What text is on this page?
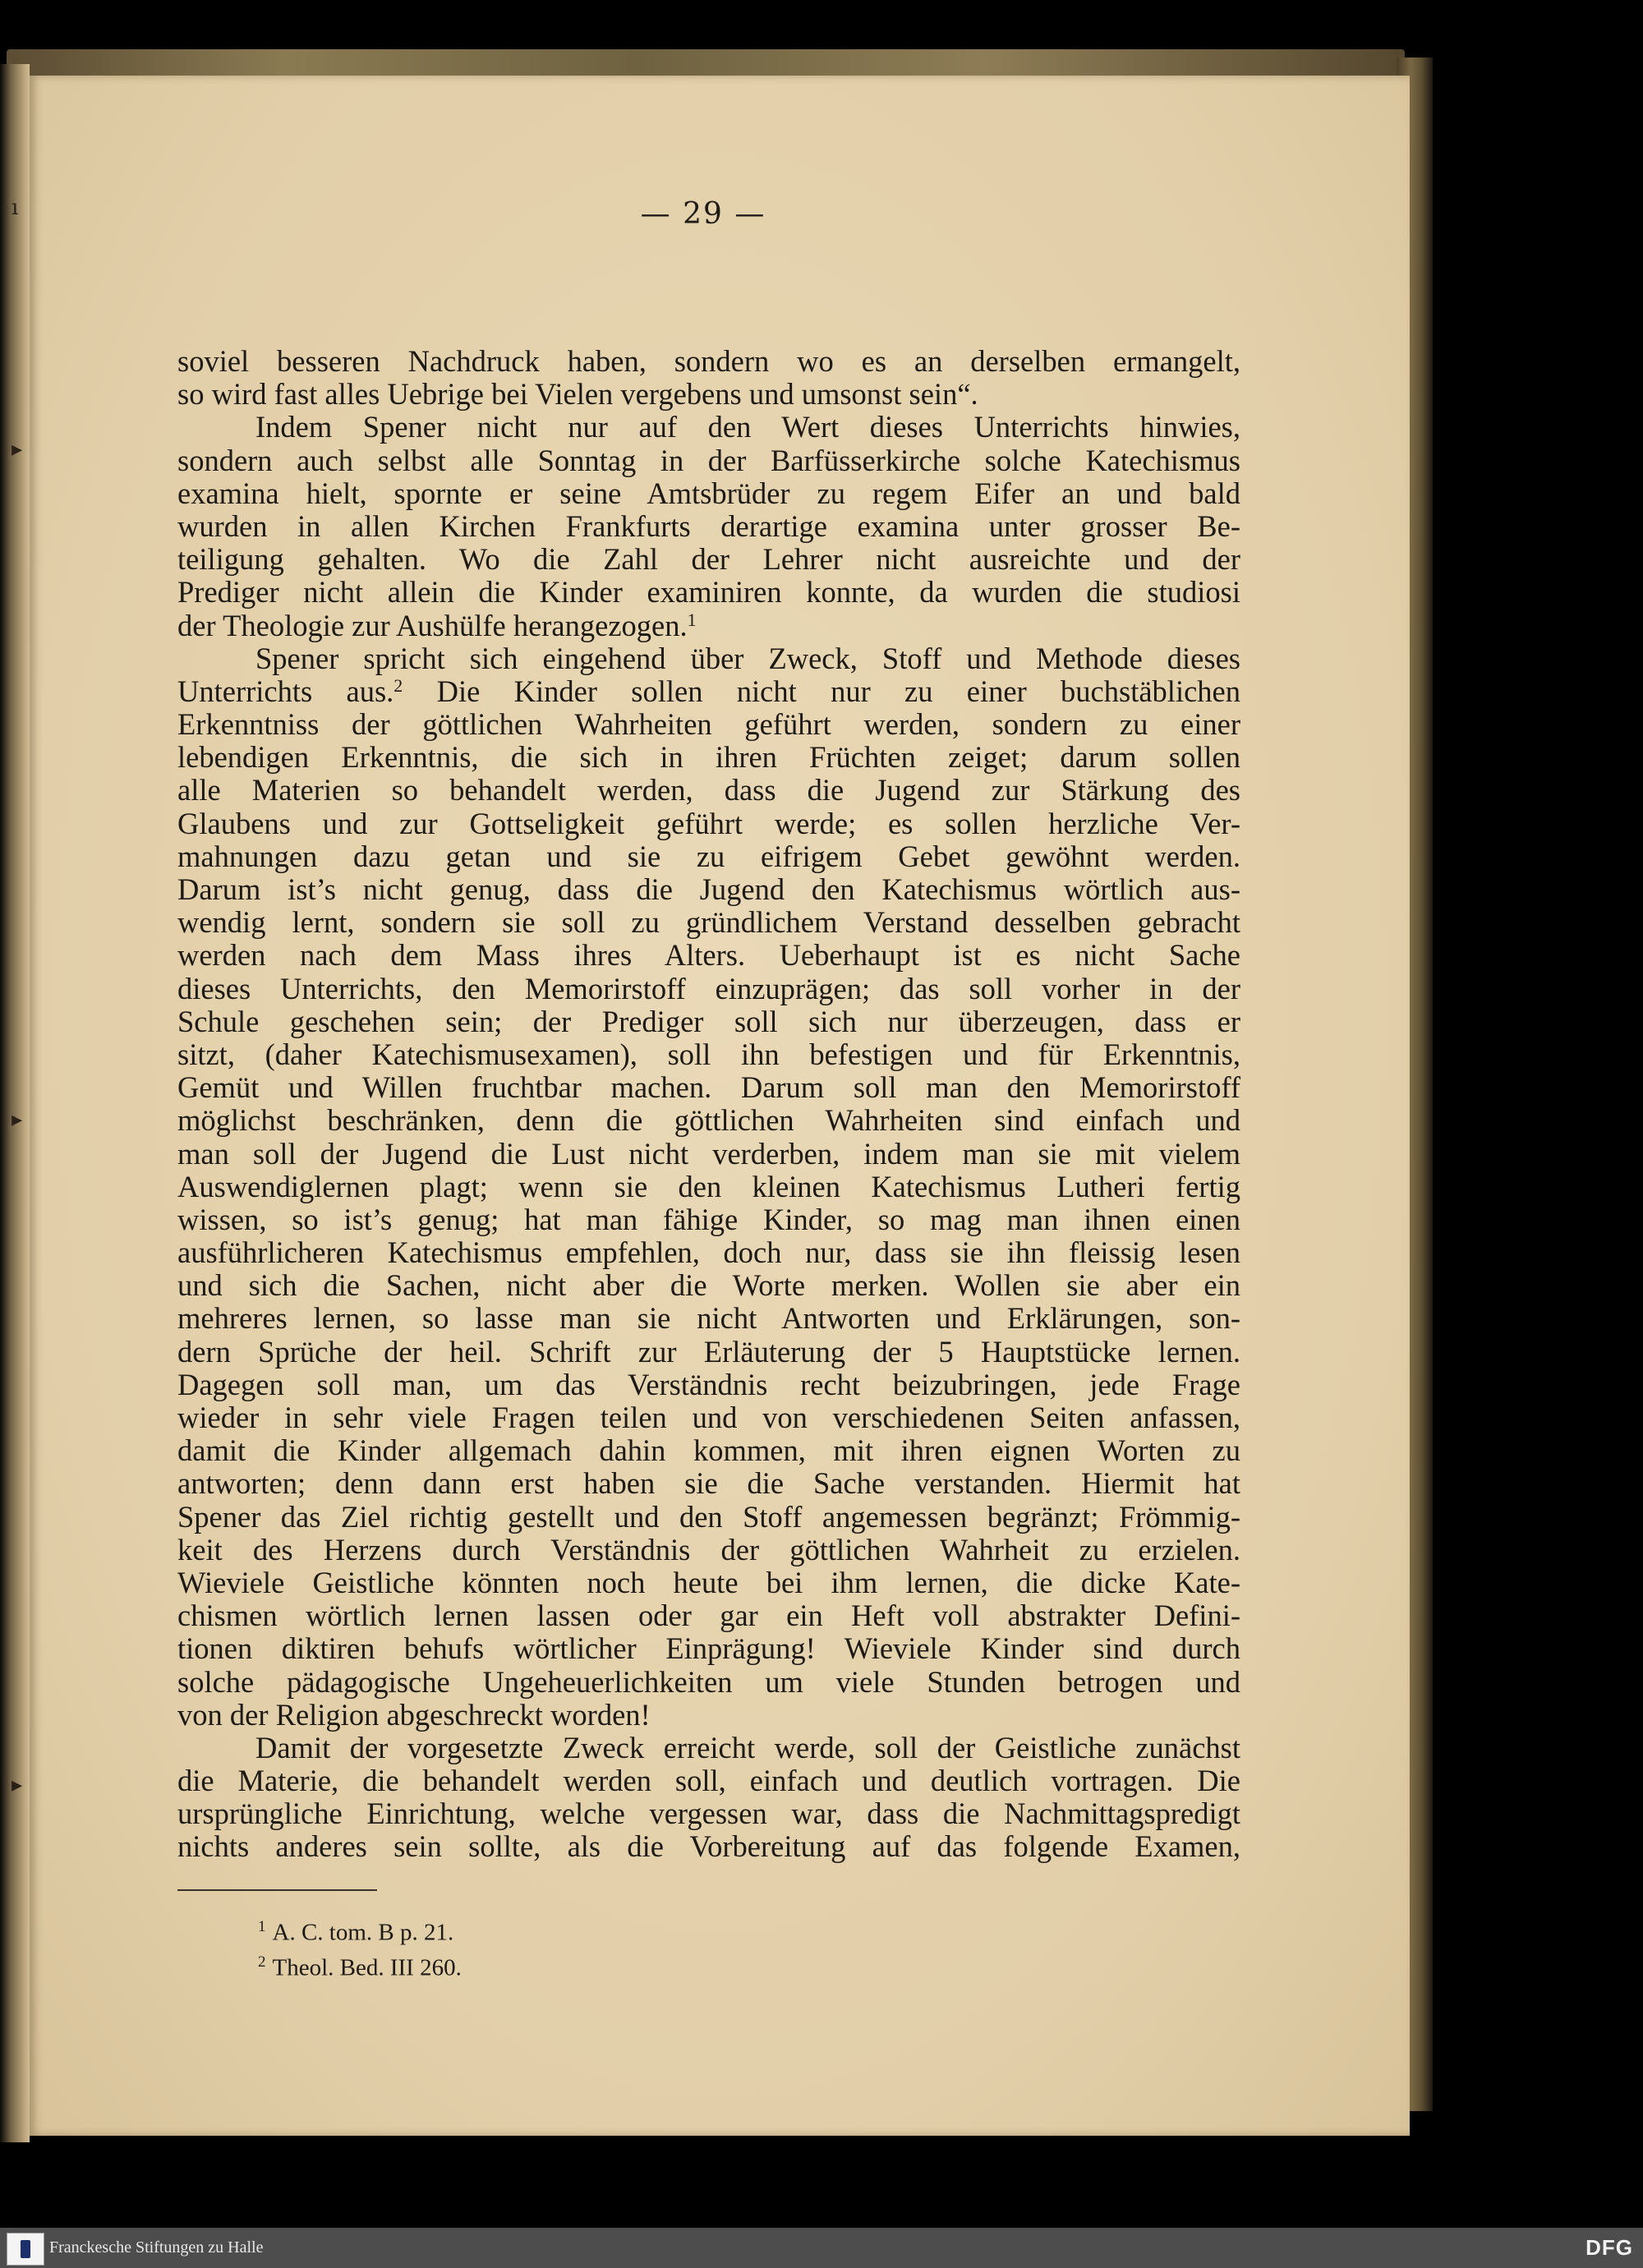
— 29 —
soviel besseren Nachdruck haben, sondern wo es an derselben ermangelt,
so wird fast alles Uebrige bei Vielen vergebens und umsonst sein“.
Indem Spener nicht nur auf den Wert dieses Unterrichts hinwies,
sondern auch selbst alle Sonntag in der Barfüsserkirche solche Katechismus
examina hielt, spornte er seine Amtsbrüder zu regem Eifer an und bald
wurden in allen Kirchen Frankfurts derartige examina unter grosser Be-
teiligung gehalten. Wo die Zahl der Lehrer nicht ausreichte und der
Prediger nicht allein die Kinder examiniren konnte, da wurden die studiosi
der Theologie zur Aushülfe herangezogen.$^1$
Spener spricht sich eingehend über Zweck, Stoff und Methode dieses
Unterrichts aus.$^2$ Die Kinder sollen nicht nur zu einer buchstäblichen
Erkenntniss der göttlichen Wahrheiten geführt werden, sondern zu einer
lebendigen Erkenntnis, die sich in ihren Früchten zeiget; darum sollen
alle Materien so behandelt werden, dass die Jugend zur Stärkung des
Glaubens und zur Gottseligkeit geführt werde; es sollen herzliche Ver-
mahnungen dazu getan und sie zu eifrigem Gebet gewöhnt werden.
Darum ist’s nicht genug, dass die Jugend den Katechismus wörtlich aus-
wendig lernt, sondern sie soll zu gründlichem Verstand desselben gebracht
werden nach dem Mass ihres Alters. Ueberhaupt ist es nicht Sache
dieses Unterrichts, den Memorirstoff einzuprägen; das soll vorher in der
Schule geschehen sein; der Prediger soll sich nur überzeugen, dass er
sitzt, (daher Katechismusexamen), soll ihn befestigen und für Erkenntnis,
Gemüt und Willen fruchtbar machen. Darum soll man den Memorirstoff
möglichst beschränken, denn die göttlichen Wahrheiten sind einfach und
man soll der Jugend die Lust nicht verderben, indem man sie mit vielem
Auswendiglernen plagt; wenn sie den kleinen Katechismus Lutheri fertig
wissen, so ist’s genug; hat man fähige Kinder, so mag man ihnen einen
ausführlicheren Katechismus empfehlen, doch nur, dass sie ihn fleissig lesen
und sich die Sachen, nicht aber die Worte merken. Wollen sie aber ein
mehreres lernen, so lasse man sie nicht Antworten und Erklärungen, son-
dern Sprüche der heil. Schrift zur Erläuterung der 5 Hauptstücke lernen.
Dagegen soll man, um das Verständnis recht beizubringen, jede Frage
wieder in sehr viele Fragen teilen und von verschiedenen Seiten anfassen,
damit die Kinder allgemach dahin kommen, mit ihren eignen Worten zu
antworten; denn dann erst haben sie die Sache verstanden. Hiermit hat
Spener das Ziel richtig gestellt und den Stoff angemessen begränzt; Frömmig-
keit des Herzens durch Verständnis der göttlichen Wahrheit zu erzielen.
Wieviele Geistliche könnten noch heute bei ihm lernen, die dicke Kate-
chismen wörtlich lernen lassen oder gar ein Heft voll abstrakter Defini-
tionen diktiren behufs wörtlicher Einprägung! Wieviele Kinder sind durch
solche pädagogische Ungeheuerlichkeiten um viele Stunden betrogen und
von der Religion abgeschreckt worden!
Damit der vorgesetzte Zweck erreicht werde, soll der Geistliche zunächst
die Materie, die behandelt werden soll, einfach und deutlich vortragen. Die
ursprüngliche Einrichtung, welche vergessen war, dass die Nachmittagspredigt
nichts anderes sein sollte, als die Vorbereitung auf das folgende Examen,
$^1$ A. C. tom. B p. 21.
$^2$ Theol. Bed. III 260.
ı
▸
▸
▸
Franckesche Stiftungen zu Halle	DFG
